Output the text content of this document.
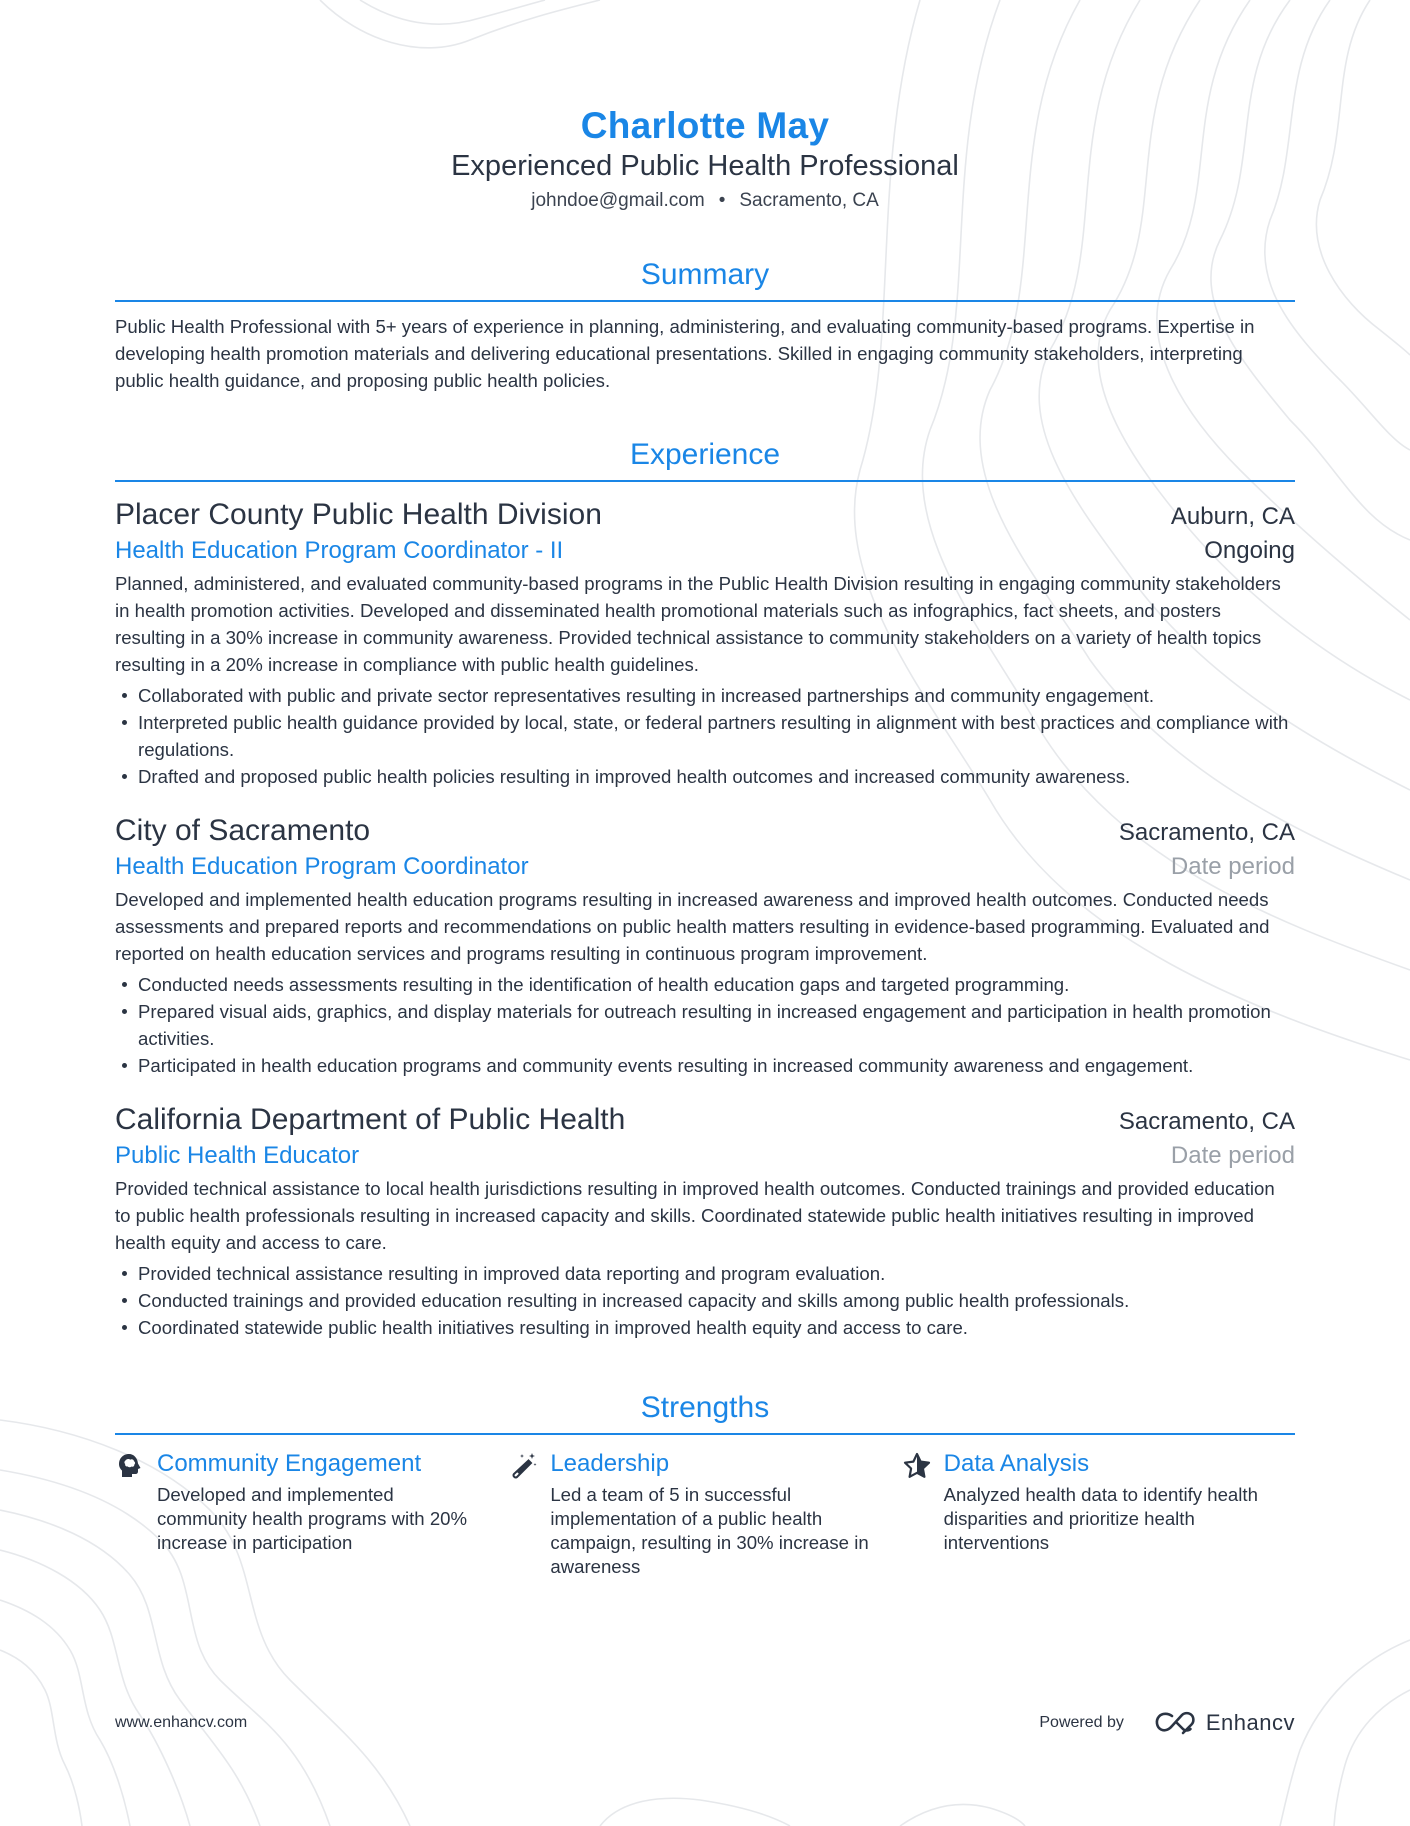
Charlotte May
Experienced Public Health Professional
johndoe@gmail.com • Sacramento, CA
Summary
Public Health Professional with 5+ years of experience in planning, administering, and evaluating community-based programs. Expertise in developing health promotion materials and delivering educational presentations. Skilled in engaging community stakeholders, interpreting public health guidance, and proposing public health policies.
Experience
Placer County Public Health Division	Auburn, CA
Health Education Program Coordinator - II	Ongoing
Planned, administered, and evaluated community-based programs in the Public Health Division resulting in engaging community stakeholders in health promotion activities. Developed and disseminated health promotional materials such as infographics, fact sheets, and posters resulting in a 30% increase in community awareness. Provided technical assistance to community stakeholders on a variety of health topics resulting in a 20% increase in compliance with public health guidelines.
Collaborated with public and private sector representatives resulting in increased partnerships and community engagement.
Interpreted public health guidance provided by local, state, or federal partners resulting in alignment with best practices and compliance with regulations.
Drafted and proposed public health policies resulting in improved health outcomes and increased community awareness.
City of Sacramento	Sacramento, CA
Health Education Program Coordinator	Date period
Developed and implemented health education programs resulting in increased awareness and improved health outcomes. Conducted needs assessments and prepared reports and recommendations on public health matters resulting in evidence-based programming. Evaluated and reported on health education services and programs resulting in continuous program improvement.
Conducted needs assessments resulting in the identification of health education gaps and targeted programming.
Prepared visual aids, graphics, and display materials for outreach resulting in increased engagement and participation in health promotion activities.
Participated in health education programs and community events resulting in increased community awareness and engagement.
California Department of Public Health	Sacramento, CA
Public Health Educator	Date period
Provided technical assistance to local health jurisdictions resulting in improved health outcomes. Conducted trainings and provided education to public health professionals resulting in increased capacity and skills. Coordinated statewide public health initiatives resulting in improved health equity and access to care.
Provided technical assistance resulting in improved data reporting and program evaluation.
Conducted trainings and provided education resulting in increased capacity and skills among public health professionals.
Coordinated statewide public health initiatives resulting in improved health equity and access to care.
Strengths
Community Engagement
Developed and implemented community health programs with 20% increase in participation
Leadership
Led a team of 5 in successful implementation of a public health campaign, resulting in 30% increase in awareness
Data Analysis
Analyzed health data to identify health disparities and prioritize health interventions
www.enhancv.com	Powered by	Enhancv
